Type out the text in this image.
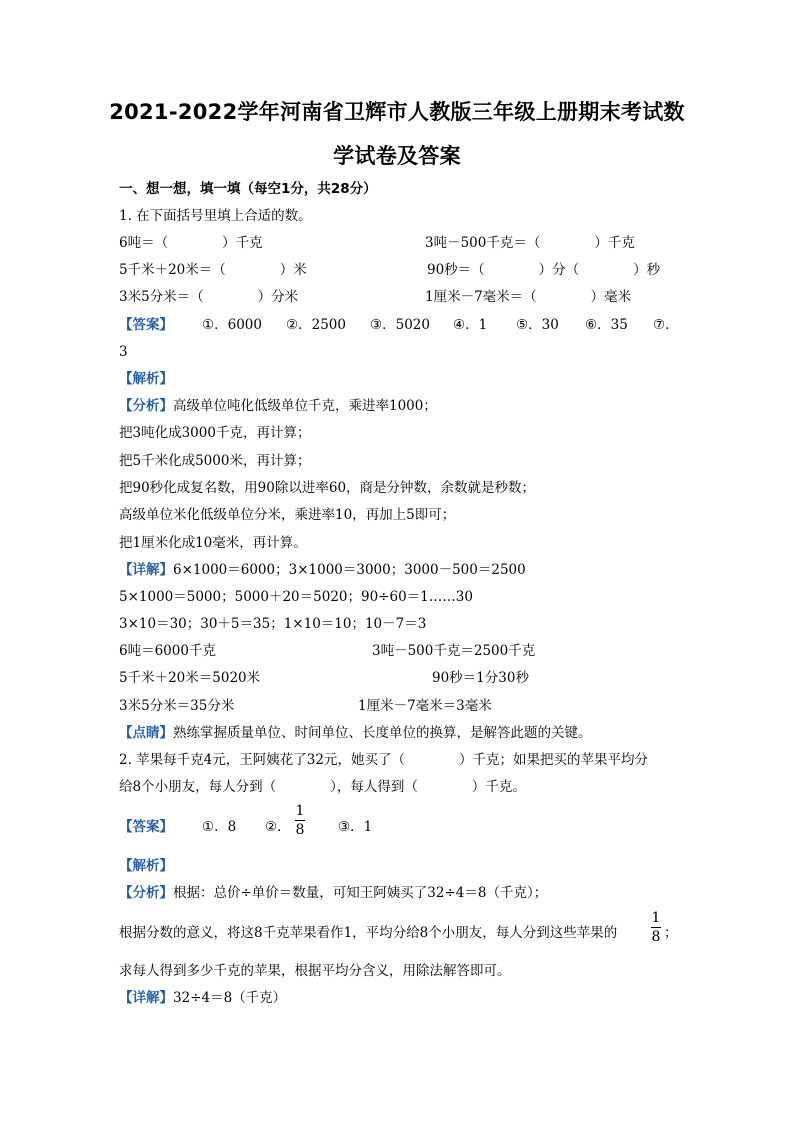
2021-2022学年河南省卫辉市人教版三年级上册期末考试数
学试卷及答案
一、想一想，填一填（每空1分，共28分）
1. 在下面括号里填上合适的数。
6吨＝（　　　　）千克	3吨－500千克＝（　　　　）千克
5千米＋20米＝（　　　　）米	90秒＝（　　　　）分（　　　　）秒
3米5分米＝（　　　　）分米	1厘米－7毫米＝（　　　　）毫米
【答案】 ①．6000 ②．2500 ③．5020 ④．1 ⑤．30 ⑥．35 ⑦．
3
【解析】
【分析】高级单位吨化低级单位千克，乘进率1000；
把3吨化成3000千克，再计算；
把5千米化成5000米，再计算；
把90秒化成复名数，用90除以进率60，商是分钟数，余数就是秒数；
高级单位米化低级单位分米，乘进率10，再加上5即可；
把1厘米化成10毫米，再计算。
【详解】6×1000＝6000；3×1000＝3000；3000－500＝2500
5×1000＝5000；5000＋20＝5020；90÷60＝1……30
3×10＝30；30＋5＝35；1×10＝10；10－7＝3
6吨＝6000千克	3吨－500千克＝2500千克
5千米＋20米＝5020米	90秒＝1分30秒
3米5分米＝35分米	1厘米－7毫米＝3毫米
【点睛】熟练掌握质量单位、时间单位、长度单位的换算，是解答此题的关键。
2. 苹果每千克4元，王阿姨花了32元，她买了（　　　　）千克；如果把买的苹果平均分
给8个小朋友，每人分到（　　　　），每人得到（　　　　）千克。
【答案】 ①．8 ②．
1
8 ③．1
【解析】
【分析】根据：总价÷单价＝数量，可知王阿姨买了32÷4＝8（千克）；
根据分数的意义，将这8千克苹果看作1，平均分给8个小朋友，每人分到这些苹果的
1
8 ；
求每人得到多少千克的苹果，根据平均分含义，用除法解答即可。
【详解】32÷4＝8（千克）
